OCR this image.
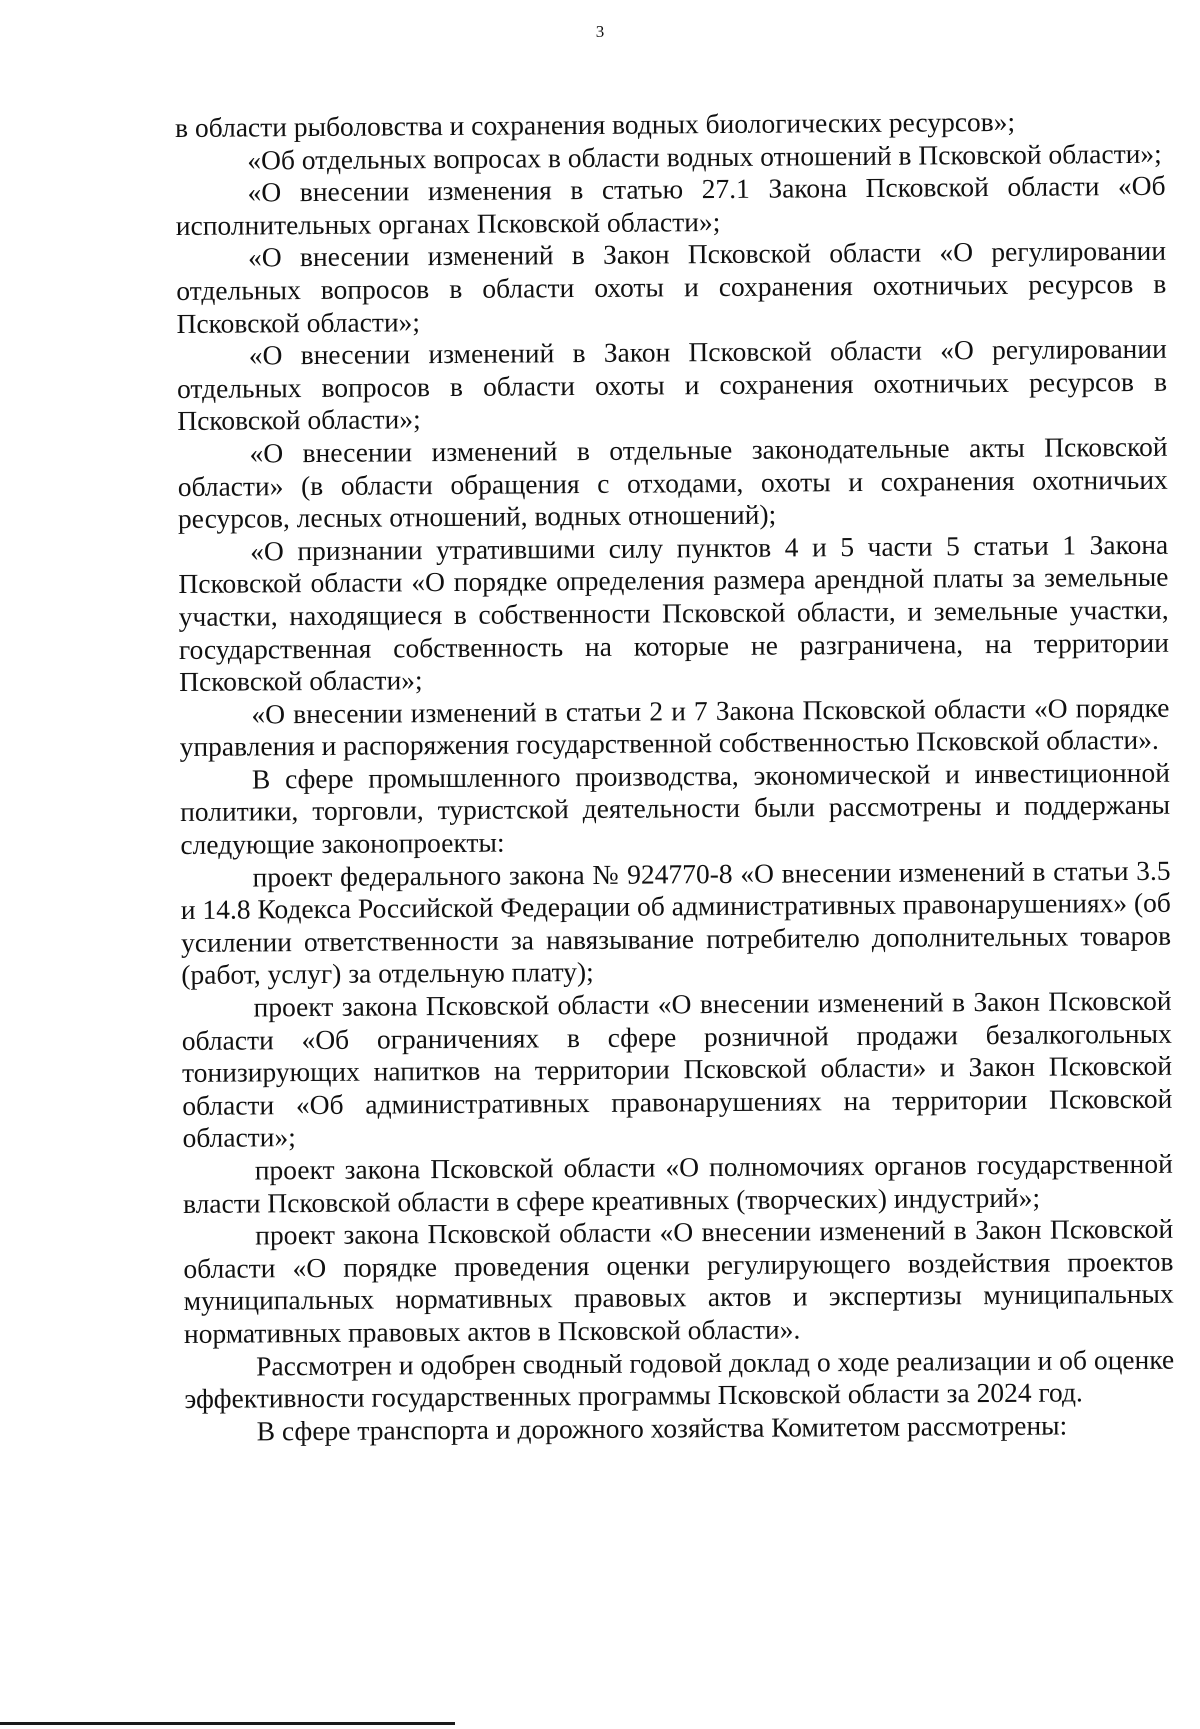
3

в области рыболовства и сохранения водных биологических ресурсов»;

«Об отдельных вопросах в области водных отношений в Псковской области»;

«О внесении изменения в статью 27.1 Закона Псковской области «Об исполнительных органах Псковской области»;

«О внесении изменений в Закон Псковской области «О регулировании отдельных вопросов в области охоты и сохранения охотничьих ресурсов в Псковской области»;

«О внесении изменений в Закон Псковской области «О регулировании отдельных вопросов в области охоты и сохранения охотничьих ресурсов в Псковской области»;

«О внесении изменений в отдельные законодательные акты Псковской области» (в области обращения с отходами, охоты и сохранения охотничьих ресурсов, лесных отношений, водных отношений);

«О признании утратившими силу пунктов 4 и 5 части 5 статьи 1 Закона Псковской области «О порядке определения размера арендной платы за земельные участки, находящиеся в собственности Псковской области, и земельные участки, государственная собственность на которые не разграничена, на территории Псковской области»;

«О внесении изменений в статьи 2 и 7 Закона Псковской области «О порядке управления и распоряжения государственной собственностью Псковской области».

В сфере промышленного производства, экономической и инвестиционной политики, торговли, туристской деятельности были рассмотрены и поддержаны следующие законопроекты:

проект федерального закона № 924770-8 «О внесении изменений в статьи 3.5 и 14.8 Кодекса Российской Федерации об административных правонарушениях» (об усилении ответственности за навязывание потребителю дополнительных товаров (работ, услуг) за отдельную плату);

проект закона Псковской области «О внесении изменений в Закон Псковской области «Об ограничениях в сфере розничной продажи безалкогольных тонизирующих напитков на территории Псковской области» и Закон Псковской области «Об административных правонарушениях на территории Псковской области»;

проект закона Псковской области «О полномочиях органов государственной власти Псковской области в сфере креативных (творческих) индустрий»;

проект закона Псковской области «О внесении изменений в Закон Псковской области «О порядке проведения оценки регулирующего воздействия проектов муниципальных нормативных правовых актов и экспертизы муниципальных нормативных правовых актов в Псковской области».

Рассмотрен и одобрен сводный годовой доклад о ходе реализации и об оценке эффективности государственных программы Псковской области за 2024 год.

В сфере транспорта и дорожного хозяйства Комитетом рассмотрены:
